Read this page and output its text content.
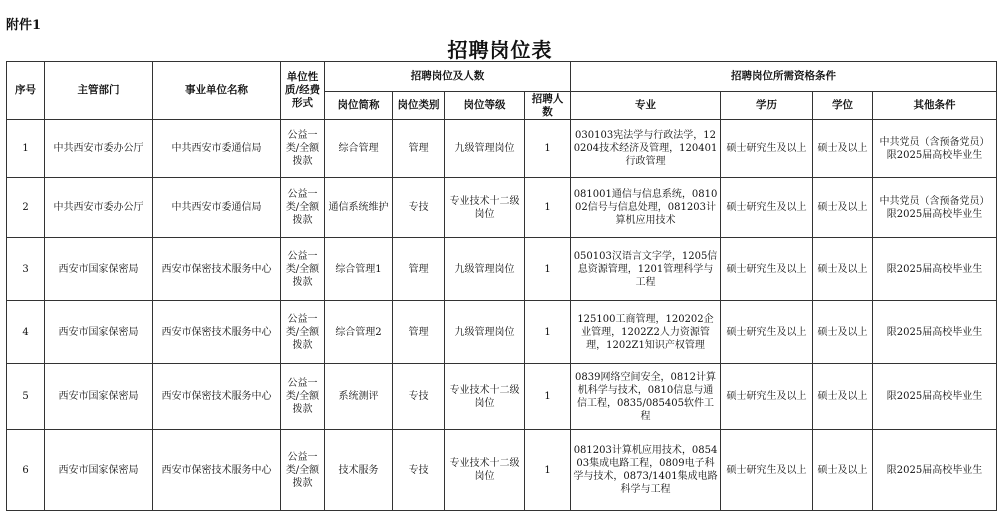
附件1
招聘岗位表
序号	主管部门	事业单位名称	单位性质/经费形式	招聘岗位及人数				招聘岗位所需资格条件			
				岗位简称	岗位类别	岗位等级	招聘人数	专业	学历	学位	其他条件
1	中共西安市委办公厅	中共西安市委通信局	公益一类/全额拨款	综合管理	管理	九级管理岗位	1	030103宪法学与行政法学，120204技术经济及管理，120401行政管理	硕士研究生及以上	硕士及以上	中共党员（含预备党员）限2025届高校毕业生
2	中共西安市委办公厅	中共西安市委通信局	公益一类/全额拨款	通信系统维护	专技	专业技术十二级岗位	1	081001通信与信息系统，081002信号与信息处理，081203计算机应用技术	硕士研究生及以上	硕士及以上	中共党员（含预备党员）限2025届高校毕业生
3	西安市国家保密局	西安市保密技术服务中心	公益一类/全额拨款	综合管理1	管理	九级管理岗位	1	050103汉语言文字学，1205信息资源管理，1201管理科学与工程	硕士研究生及以上	硕士及以上	限2025届高校毕业生
4	西安市国家保密局	西安市保密技术服务中心	公益一类/全额拨款	综合管理2	管理	九级管理岗位	1	125100工商管理，120202企业管理，1202Z2人力资源管理，1202Z1知识产权管理	硕士研究生及以上	硕士及以上	限2025届高校毕业生
5	西安市国家保密局	西安市保密技术服务中心	公益一类/全额拨款	系统测评	专技	专业技术十二级岗位	1	0839网络空间安全，0812计算机科学与技术，0810信息与通信工程，0835/085405软件工程	硕士研究生及以上	硕士及以上	限2025届高校毕业生
6	西安市国家保密局	西安市保密技术服务中心	公益一类/全额拨款	技术服务	专技	专业技术十二级岗位	1	081203计算机应用技术，085403集成电路工程，0809电子科学与技术，0873/1401集成电路科学与工程	硕士研究生及以上	硕士及以上	限2025届高校毕业生
